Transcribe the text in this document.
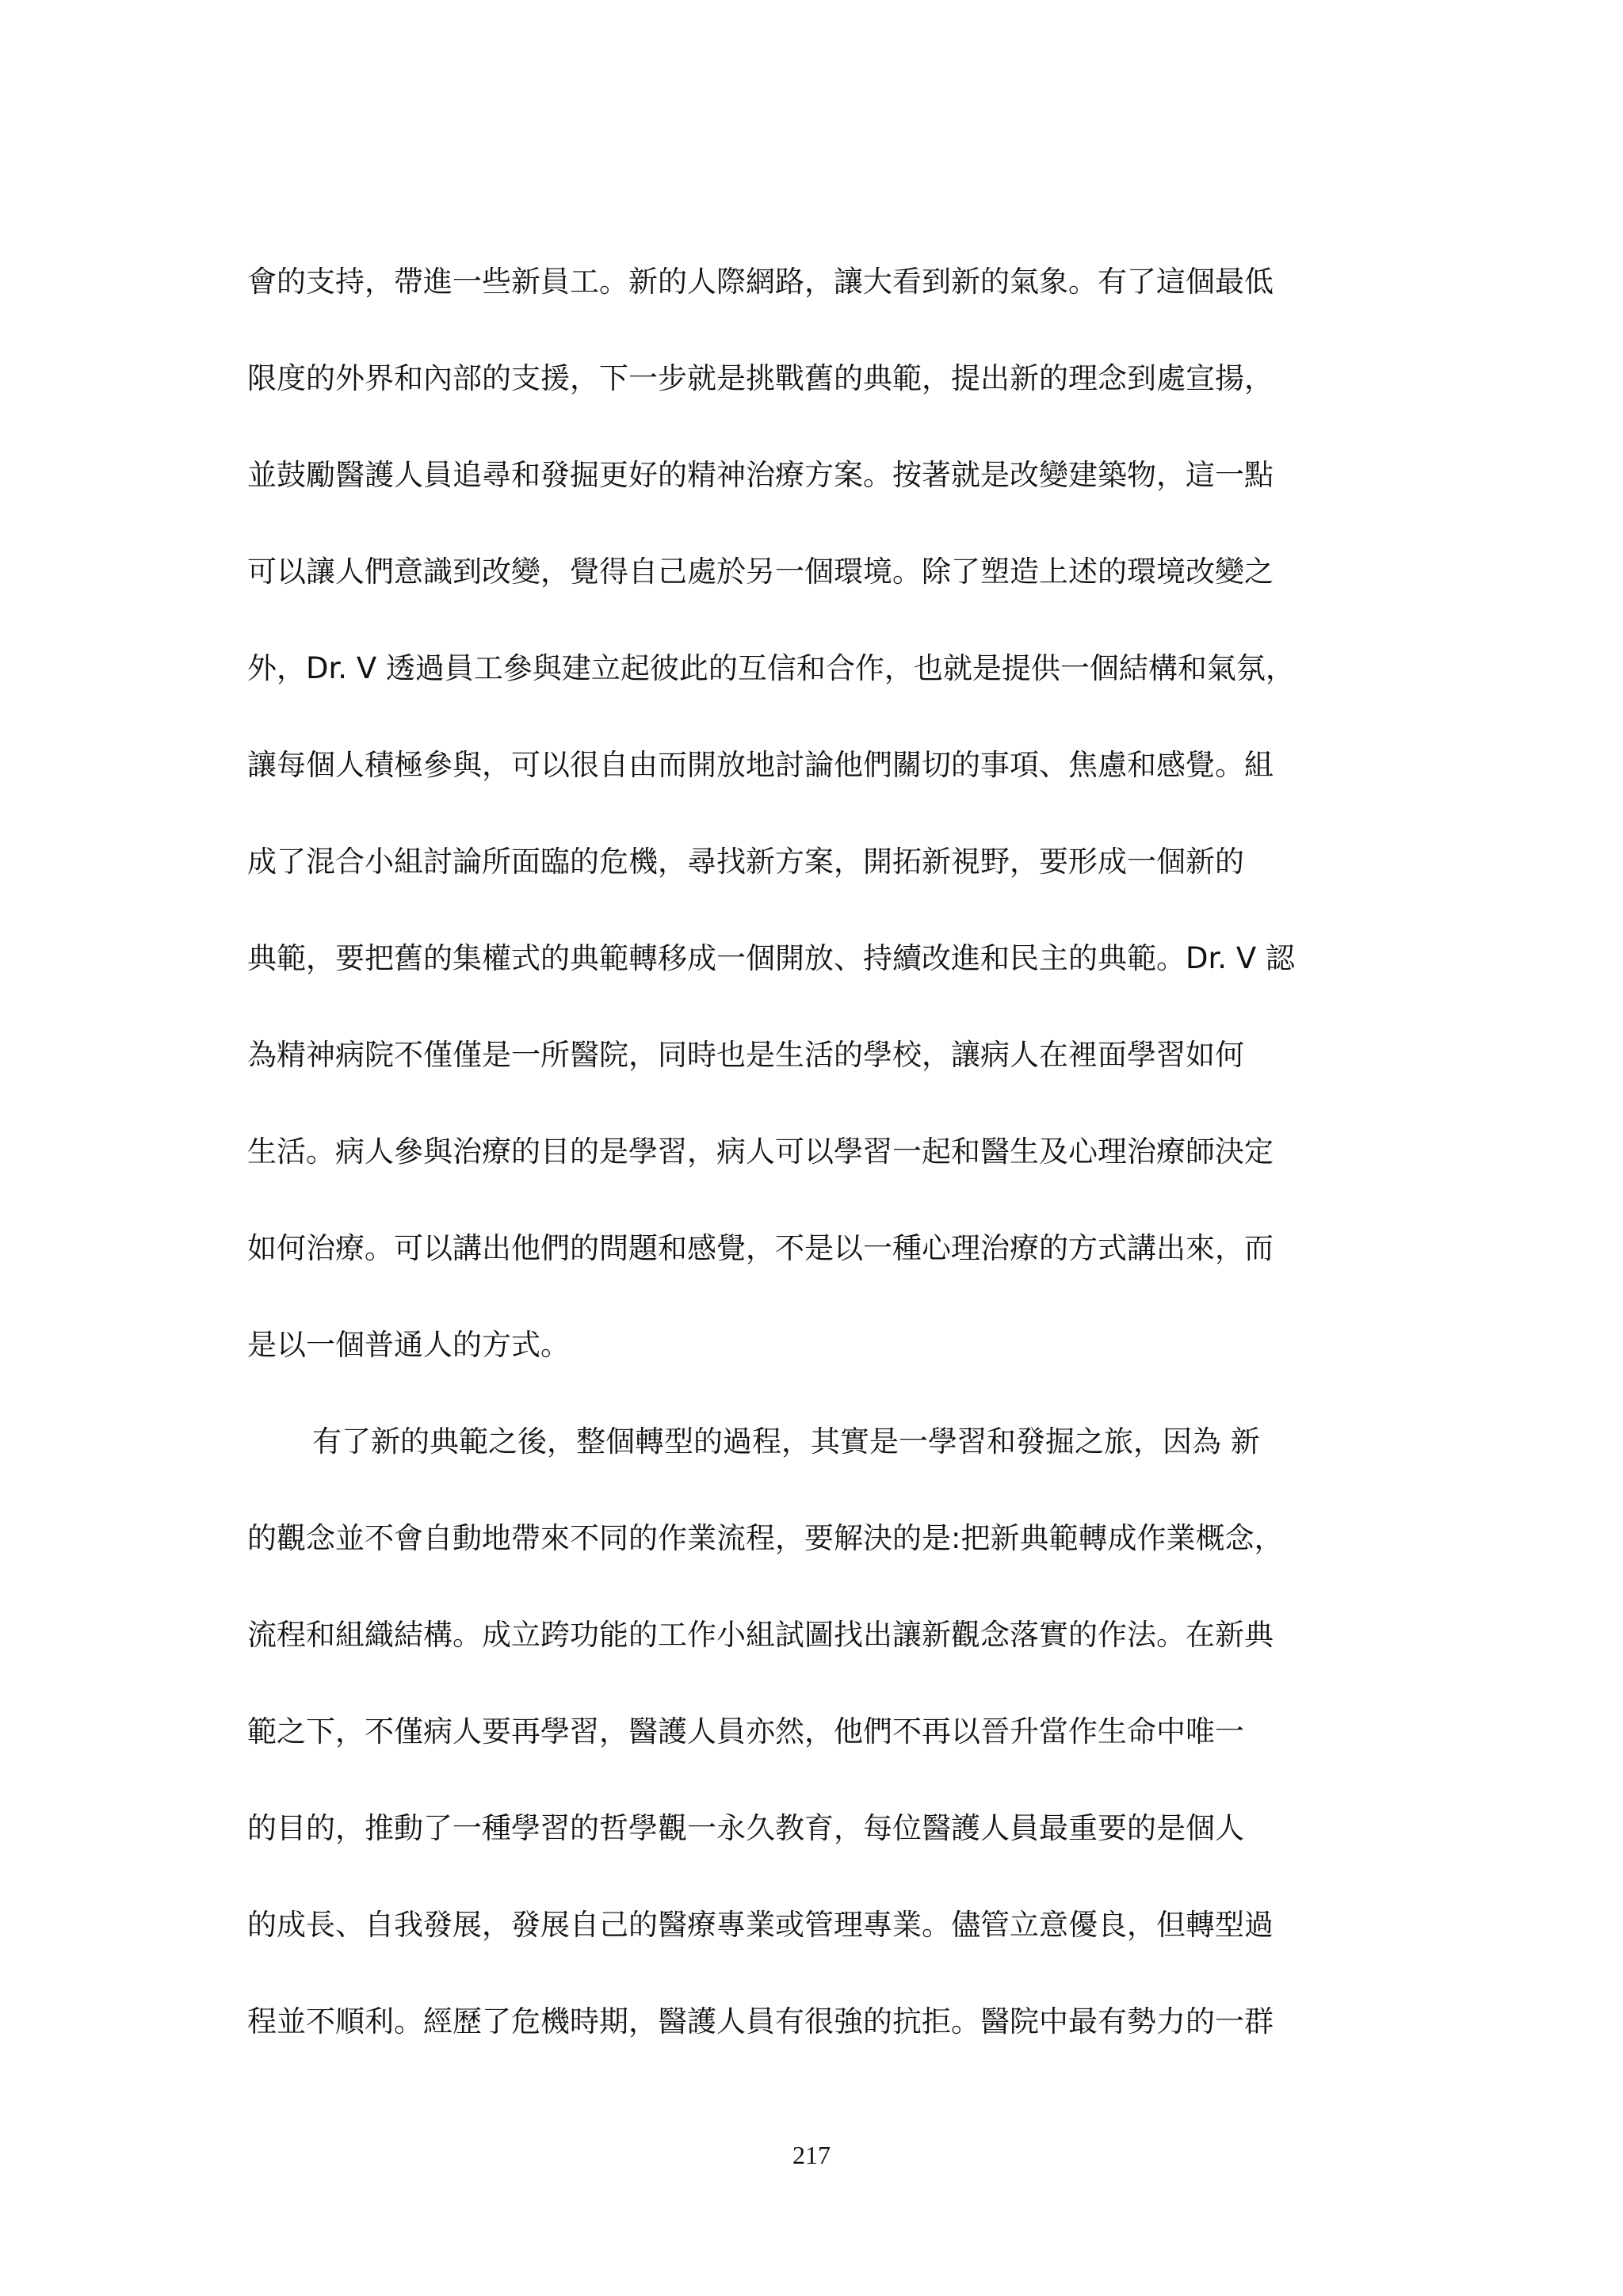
會的支持，帶進一些新員工。新的人際網路，讓大看到新的氣象。有了這個最低
限度的外界和內部的支援，下一步就是挑戰舊的典範，提出新的理念到處宣揚，
並鼓勵醫護人員追尋和發掘更好的精神治療方案。按著就是改變建築物，這一點
可以讓人們意識到改變，覺得自己處於另一個環境。除了塑造上述的環境改變之
外，Dr. V 透過員工參與建立起彼此的互信和合作，也就是提供一個結構和氣氛，
讓每個人積極參與，可以很自由而開放地討論他們關切的事項、焦慮和感覺。組
成了混合小組討論所面臨的危機，尋找新方案，開拓新視野，要形成一個新的
典範，要把舊的集權式的典範轉移成一個開放、持續改進和民主的典範。Dr. V 認
為精神病院不僅僅是一所醫院，同時也是生活的學校，讓病人在裡面學習如何
生活。病人參與治療的目的是學習，病人可以學習一起和醫生及心理治療師決定
如何治療。可以講出他們的問題和感覺，不是以一種心理治療的方式講出來，而
是以一個普通人的方式。
有了新的典範之後，整個轉型的過程，其實是一學習和發掘之旅，因為 新
的觀念並不會自動地帶來不同的作業流程，要解決的是:把新典範轉成作業概念，
流程和組織結構。成立跨功能的工作小組試圖找出讓新觀念落實的作法。在新典
範之下，不僅病人要再學習，醫護人員亦然，他們不再以晉升當作生命中唯一
的目的，推動了一種學習的哲學觀一永久教育，每位醫護人員最重要的是個人
的成長、自我發展，發展自己的醫療專業或管理專業。儘管立意優良，但轉型過
程並不順利。經歷了危機時期，醫護人員有很強的抗拒。醫院中最有勢力的一群
217
